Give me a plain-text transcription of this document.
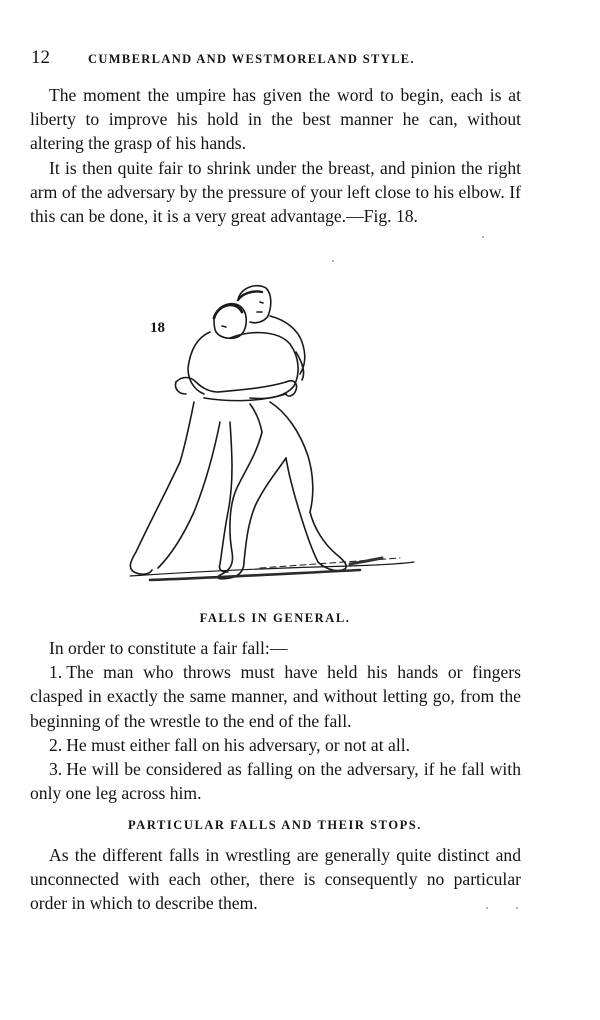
12	CUMBERLAND AND WESTMORELAND STYLE.

The moment the umpire has given the word to begin, each is at liberty to improve his hold in the best manner he can, without altering the grasp of his hands.

It is then quite fair to shrink under the breast, and pinion the right arm of the adversary by the pressure of your left close to his elbow. If this can be done, it is a very great advantage.—Fig. 18.

18
FALLS IN GENERAL.

In order to constitute a fair fall:—

1. The man who throws must have held his hands or fingers clasped in exactly the same manner, and without letting go, from the beginning of the wrestle to the end of the fall.

2. He must either fall on his adversary, or not at all.

3. He will be considered as falling on the adversary, if he fall with only one leg across him.

PARTICULAR FALLS AND THEIR STOPS.

As the different falls in wrestling are generally quite distinct and unconnected with each other, there is consequently no particular order in which to describe them.
